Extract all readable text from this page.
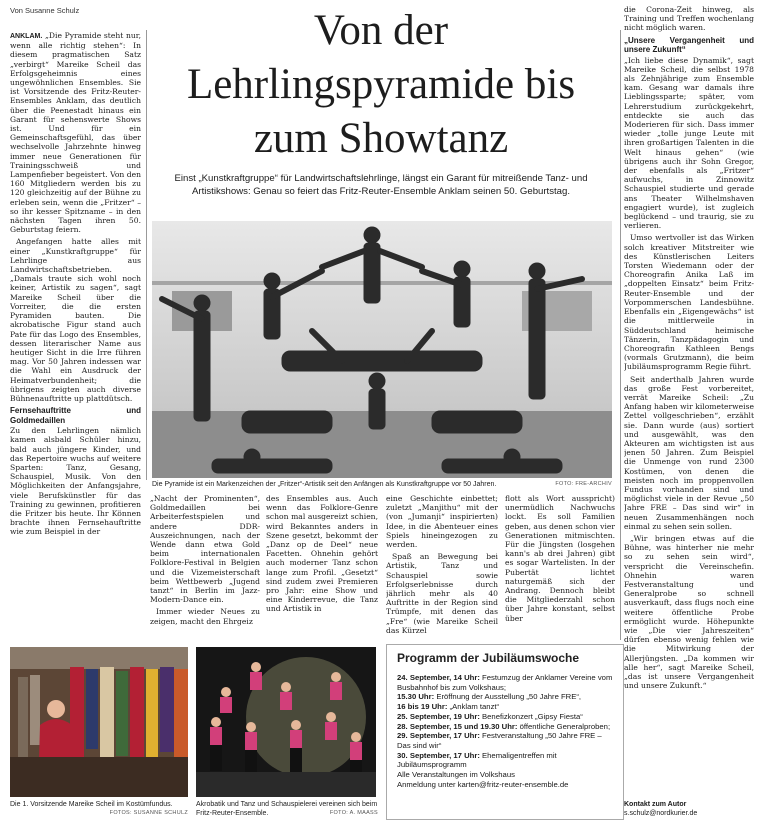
Von Susanne Schulz

ANKLAM. „Die Pyramide steht nur, wenn alle richtig stehen“: In diesem pragmatischen Satz „verbirgt“ Mareike Scheil das Erfolgsgeheimnis eines ungewöhnlichen Ensembles. Sie ist Vorsitzende des Fritz-Reuter-Ensembles Anklam, das deutlich über die Peenestadt hinaus ein Garant für sehenswerte Shows ist. Und für ein Gemeinschaftsgefühl, das über wechselvolle Jahrzehnte hinweg immer neue Generationen für Trainingsschweiß und Lampenfieber begeistert. Von den 160 Mitgliedern werden bis zu 120 gleichzeitig auf der Bühne zu erleben sein, wenn die „Fritzer“ – so ihr kesser Spitzname – in den nächsten Tagen ihren 50. Geburtstag feiern.

Angefangen hatte alles mit einer „Kunstkraftgruppe“ für Lehrlinge aus Landwirtschaftsbetrieben. „Damals traute sich wohl noch keiner, Artistik zu sagen“, sagt Mareike Scheil über die Vorreiter, die die ersten Pyramiden bauten. Die akrobatische Figur stand auch Pate für das Logo des Ensembles, dessen literarischer Name aus heutiger Sicht in die Irre führen mag. Vor 50 Jahren indessen war die Wahl ein Ausdruck der Heimatverbundenheit; die übrigens zeigten auch diverse Bühnenauftritte up plattdütsch.

Fernsehauftritte und Goldmedaillen

Zu den Lehrlingen nämlich kamen alsbald Schüler hinzu, bald auch jüngere Kinder, und das Repertoire wuchs auf weitere Sparten: Tanz, Gesang, Schauspiel, Musik. Von den Möglichkeiten der Anfangsjahre, viele Berufskünstler für das Training zu gewinnen, profitieren die Fritzer bis heute. Ihr Können brachte ihnen Fernsehauftritte wie zum Beispiel in der

Von der Lehrlingspyramide bis zum Showtanz
Einst „Kunstkraftgruppe“ für Landwirtschaftslehrlinge, längst ein Garant für mitreißende Tanz- und Artistikshows: Genau so feiert das Fritz-Reuter-Ensemble Anklam seinen 50. Geburtstag.
Die Pyramide ist ein Markenzeichen der „Fritzer“-Artistik seit den Anfängen als Kunstkraftgruppe vor 50 Jahren.	FOTO: FRE-ARCHIV

„Nacht der Prominenten“, Goldmedaillen bei Arbeiterfestspielen und andere DDR-Auszeichnungen, nach der Wende dann etwa Gold beim internationalen Folklore-Festival in Belgien und die Vizemeisterschaft beim Wettbewerb „Jugend tanzt“ in Berlin im Jazz-Modern-Dance ein.

Immer wieder Neues zu zeigen, macht den Ehrgeiz

des Ensembles aus. Auch wenn das Folklore-Genre schon mal ausgereizt schien, wird Bekanntes anders in Szene gesetzt, bekommt der „Danz op de Deel“ neue Facetten. Ohnehin gehört auch moderner Tanz schon lange zum Profil. „Gesetzt“ sind zudem zwei Premieren pro Jahr: eine Show und eine Kinderrevue, die Tanz und Artistik in

eine Geschichte einbettet; zuletzt „Manjithu“ mit der (von „Jumanji“ inspirierten) Idee, in die Abenteuer eines Spiels hineingezogen zu werden.

Spaß an Bewegung bei Artistik, Tanz und Schauspiel sowie Erfolgserlebnisse durch jährlich mehr als 40 Auftritte in der Region sind Trümpfe, mit denen das „Fre“ (wie Mareike Scheil das Kürzel

flott als Wort ausspricht) unermüdlich Nachwuchs lockt. Es soll Familien geben, aus denen schon vier Generationen mitmischten. Für die Jüngsten (losgehen kann's ab drei Jahren) gibt es sogar Wartelisten. In der Pubertät lichtet naturgemäß sich der Andrang. Dennoch bleibt die Mitgliederzahl schon über Jahre konstant, selbst über

Die 1. Vorsitzende Mareike Scheil im Kostümfundus.
FOTOS: SUSANNE SCHULZ
Akrobatik und Tanz und Schauspielerei vereinen sich beim Fritz-Reuter-Ensemble.	FOTO: A. MAASS
Programm der Jubiläumswoche
24. September, 14 Uhr: Festumzug der Anklamer Vereine vom Busbahnhof bis zum Volkshaus;
15.30 Uhr: Eröffnung der Ausstellung „50 Jahre FRE“,
16 bis 19 Uhr: „Anklam tanzt“
25. September, 19 Uhr: Benefizkonzert „Gipsy Fiesta“
28. September, 15 und 19.30 Uhr: öffentliche Generalproben;
29. September, 17 Uhr: Festveranstaltung „50 Jahre FRE – Das sind wir“
30. September, 17 Uhr: Ehemaligentreffen mit Jubiläumsprogramm
Alle Veranstaltungen im Volkshaus
Anmeldung unter karten@fritz-reuter-ensemble.de

die Corona-Zeit hinweg, als Training und Treffen wochenlang nicht möglich waren.

„Unsere Vergangenheit und unsere Zukunft“

„Ich liebe diese Dynamik“, sagt Mareike Scheil, die selbst 1978 als Zehnjährige zum Ensemble kam. Gesang war damals ihre Lieblingssparte; später, vom Lehrerstudium zurückgekehrt, entdeckte sie auch das Moderieren für sich. Dass immer wieder „tolle junge Leute mit ihren großartigen Talenten in die Welt hinaus gehen“ (wie übrigens auch ihr Sohn Gregor, der ebenfalls als „Fritzer“ aufwuchs, in Zinnowitz Schauspiel studierte und gerade ans Theater Wilhelmshaven engagiert wurde), ist zugleich beglückend – und traurig, sie zu verlieren.

Umso wertvoller ist das Wirken solch kreativer Mitstreiter wie des Künstlerischen Leiters Torsten Wiedemann oder der Choreografin Anika Laß im „doppelten Einsatz“ beim Fritz-Reuter-Ensemble und der Vorpommerschen Landesbühne. Ebenfalls ein „Eigengewächs“ ist die mittlerweile in Süddeutschland heimische Tänzerin, Tanzpädagogin und Choreografin Kathleen Bengs (vormals Grutzmann), die beim Jubiläumsprogramm Regie führt.

Seit anderthalb Jahren wurde das große Fest vorbereitet, verrät Mareike Scheil: „Zu Anfang haben wir kilometerweise Zettel vollgeschrieben“, erzählt sie. Dann wurde (aus) sortiert und ausgewählt, was den Akteuren am wichtigsten ist aus jenen 50 Jahren. Zum Beispiel die Unmenge von rund 2300 Kostümen, von denen die meisten noch im proppenvollen Fundus vorhanden sind und möglichst viele in der Revue „50 Jahre FRE – Das sind wir“ in neuen Zusammenhängen noch einmal zu sehen sein sollen.

„Wir bringen etwas auf die Bühne, was hinterher nie mehr so zu sehen sein wird“, verspricht die Vereinschefin. Ohnehin waren Festveranstaltung und Generalprobe so schnell ausverkauft, dass flugs noch eine weitere öffentliche Probe ermöglicht wurde. Höhepunkte wie „Die vier Jahreszeiten“ dürfen ebenso wenig fehlen wie die Mitwirkung der Allerjüngsten. „Da kommen wir alle her“, sagt Mareike Scheil, „das ist unsere Vergangenheit und unsere Zukunft.“

Kontakt zum Autor
s.schulz@nordkurier.de
